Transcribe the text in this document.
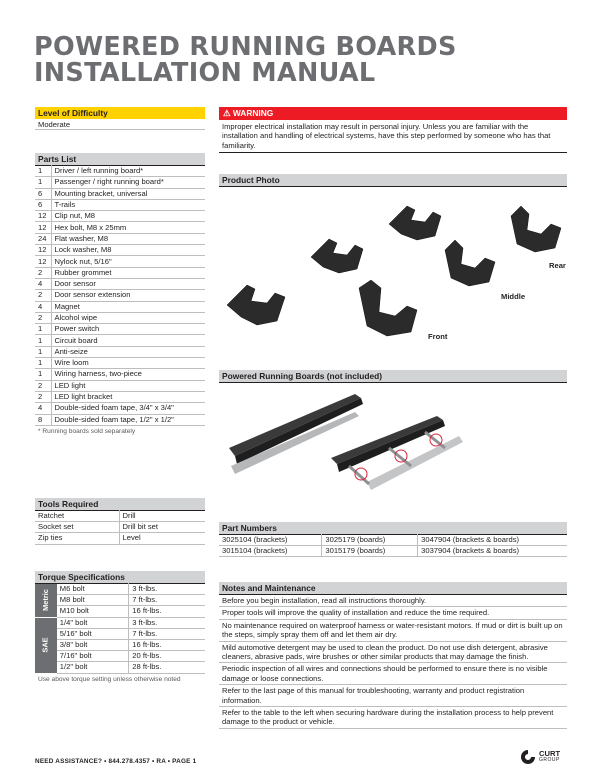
POWERED RUNNING BOARDS
INSTALLATION MANUAL
Level of Difficulty
Moderate
Parts List
1	Driver / left running board*
1	Passenger / right running board*
6	Mounting bracket, universal
6	T-rails
12	Clip nut, M8
12	Hex bolt, M8 x 25mm
24	Flat washer, M8
12	Lock washer, M8
12	Nylock nut, 5/16"
2	Rubber grommet
4	Door sensor
2	Door sensor extension
4	Magnet
2	Alcohol wipe
1	Power switch
1	Circuit board
1	Anti-seize
1	Wire loom
1	Wiring harness, two-piece
2	LED light
2	LED light bracket
4	Double-sided foam tape, 3/4" x 3/4"
8	Double-sided foam tape, 1/2" x 1/2"
* Running boards sold separately
Tools Required
Ratchet	Drill
Socket set	Drill bit set
Zip ties	Level
Torque Specifications
Metric	M6 bolt	3 ft-lbs.
	M8 bolt	7 ft-lbs.
	M10 bolt	16 ft-lbs.
SAE	1/4" bolt	3 ft-lbs.
	5/16" bolt	7 ft-lbs.
	3/8" bolt	16 ft-lbs.
	7/16" bolt	20 ft-lbs.
	1/2" bolt	28 ft-lbs.
Use above torque setting unless otherwise noted
⚠ WARNING
Improper electrical installation may result in personal injury. Unless you are familiar with the installation and handling of electrical systems, have this step performed by someone who has that familiarity.
Product Photo
Rear
Middle
Front
Powered Running Boards (not included)
Part Numbers
3025104 (brackets)	3025179 (boards)	3047904 (brackets & boards)
3015104 (brackets)	3015179 (boards)	3037904 (brackets & boards)
Notes and Maintenance
Before you begin installation, read all instructions thoroughly.
Proper tools will improve the quality of installation and reduce the time required.
No maintenance required on waterproof harness or water-resistant motors. If mud or dirt is built up on the steps, simply spray them off and let them air dry.
Mild automotive detergent may be used to clean the product. Do not use dish detergent, abrasive cleaners, abrasive pads, wire brushes or other similar products that may damage the finish.
Periodic inspection of all wires and connections should be performed to ensure there is no visible damage or loose connections.
Refer to the last page of this manual for troubleshooting, warranty and product registration information.
Refer to the table to the left when securing hardware during the installation process to help prevent damage to the product or vehicle.
NEED ASSISTANCE? • 844.278.4357 • RA • PAGE 1
CURT
GROUP
